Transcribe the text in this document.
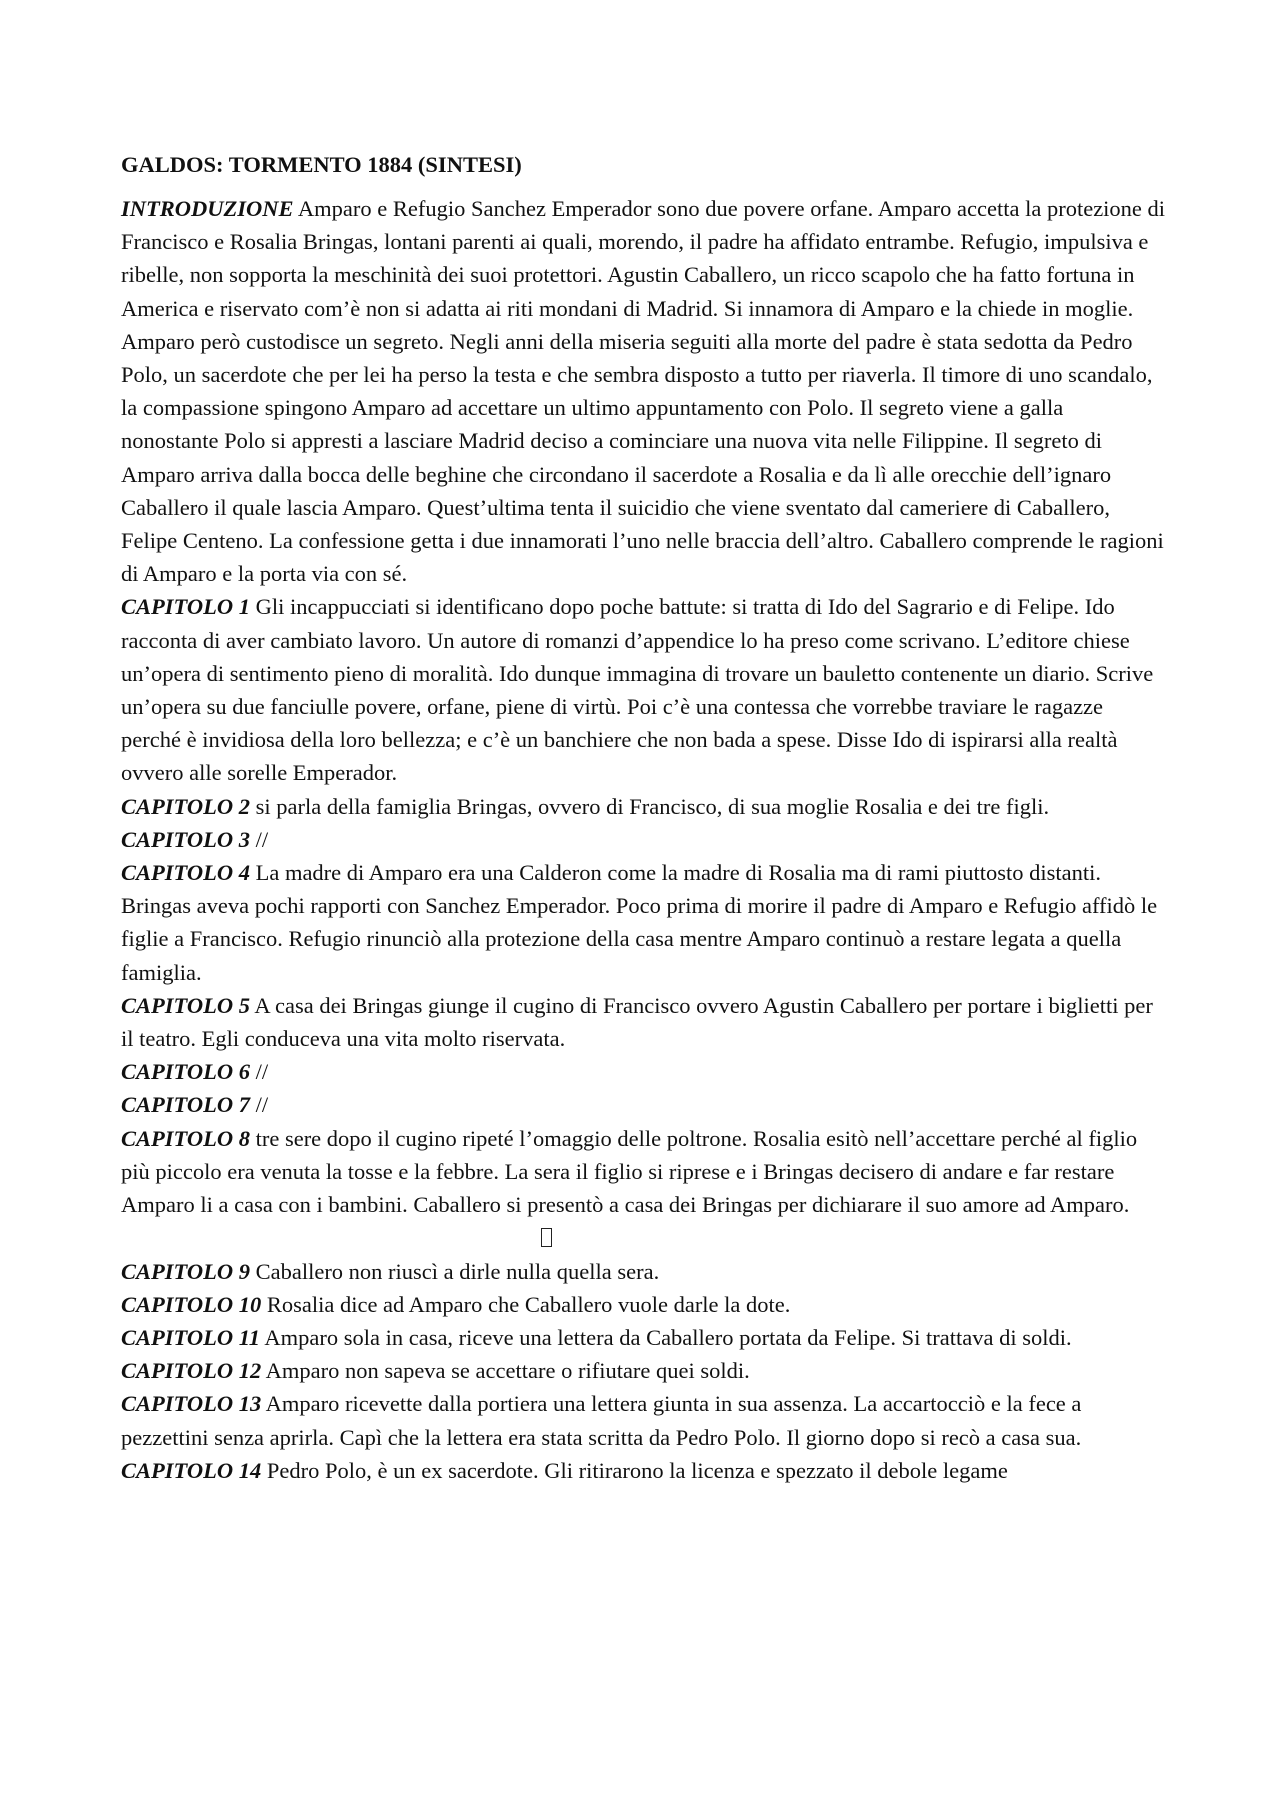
GALDOS: TORMENTO 1884 (SINTESI)

INTRODUZIONE Amparo e Refugio Sanchez Emperador sono due povere orfane. Amparo accetta la protezione di Francisco e Rosalia Bringas, lontani parenti ai quali, morendo, il padre ha affidato entrambe. Refugio, impulsiva e ribelle, non sopporta la meschinità dei suoi protettori. Agustin Caballero, un ricco scapolo che ha fatto fortuna in America e riservato com’è non si adatta ai riti mondani di Madrid. Si innamora di Amparo e la chiede in moglie. Amparo però custodisce un segreto. Negli anni della miseria seguiti alla morte del padre è stata sedotta da Pedro Polo, un sacerdote che per lei ha perso la testa e che sembra disposto a tutto per riaverla. Il timore di uno scandalo, la compassione spingono Amparo ad accettare un ultimo appuntamento con Polo. Il segreto viene a galla nonostante Polo si appresti a lasciare Madrid deciso a cominciare una nuova vita nelle Filippine. Il segreto di Amparo arriva dalla bocca delle beghine che circondano il sacerdote a Rosalia e da lì alle orecchie dell’ignaro Caballero il quale lascia Amparo. Quest’ultima tenta il suicidio che viene sventato dal cameriere di Caballero, Felipe Centeno. La confessione getta i due innamorati l’uno nelle braccia dell’altro. Caballero comprende le ragioni di Amparo e la porta via con sé.

CAPITOLO 1 Gli incappucciati si identificano dopo poche battute: si tratta di Ido del Sagrario e di Felipe. Ido racconta di aver cambiato lavoro. Un autore di romanzi d’appendice lo ha preso come scrivano. L’editore chiese un’opera di sentimento pieno di moralità. Ido dunque immagina di trovare un bauletto contenente un diario. Scrive un’opera su due fanciulle povere, orfane, piene di virtù. Poi c’è una contessa che vorrebbe traviare le ragazze perché è invidiosa della loro bellezza; e c’è un banchiere che non bada a spese. Disse Ido di ispirarsi alla realtà ovvero alle sorelle Emperador.

CAPITOLO 2 si parla della famiglia Bringas, ovvero di Francisco, di sua moglie Rosalia e dei tre figli.

CAPITOLO 3 //

CAPITOLO 4 La madre di Amparo era una Calderon come la madre di Rosalia ma di rami piuttosto distanti. Bringas aveva pochi rapporti con Sanchez Emperador. Poco prima di morire il padre di Amparo e Refugio affidò le figlie a Francisco. Refugio rinunciò alla protezione della casa mentre Amparo continuò a restare legata a quella famiglia.

CAPITOLO 5 A casa dei Bringas giunge il cugino di Francisco ovvero Agustin Caballero per portare i biglietti per il teatro. Egli conduceva una vita molto riservata.

CAPITOLO 6 //

CAPITOLO 7 //

CAPITOLO 8 tre sere dopo il cugino ripeté l’omaggio delle poltrone. Rosalia esitò nell’accettare perché al figlio più piccolo era venuta la tosse e la febbre. La sera il figlio si riprese e i Bringas decisero di andare e far restare Amparo li a casa con i bambini. Caballero si presentò a casa dei Bringas per dichiarare il suo amore ad Amparo.

CAPITOLO 9 Caballero non riuscì a dirle nulla quella sera.

CAPITOLO 10 Rosalia dice ad Amparo che Caballero vuole darle la dote.

CAPITOLO 11 Amparo sola in casa, riceve una lettera da Caballero portata da Felipe. Si trattava di soldi.

CAPITOLO 12 Amparo non sapeva se accettare o rifiutare quei soldi.

CAPITOLO 13 Amparo ricevette dalla portiera una lettera giunta in sua assenza. La accartocciò e la fece a pezzettini senza aprirla. Capì che la lettera era stata scritta da Pedro Polo. Il giorno dopo si recò a casa sua.

CAPITOLO 14 Pedro Polo, è un ex sacerdote. Gli ritirarono la licenza e spezzato il debole legame
